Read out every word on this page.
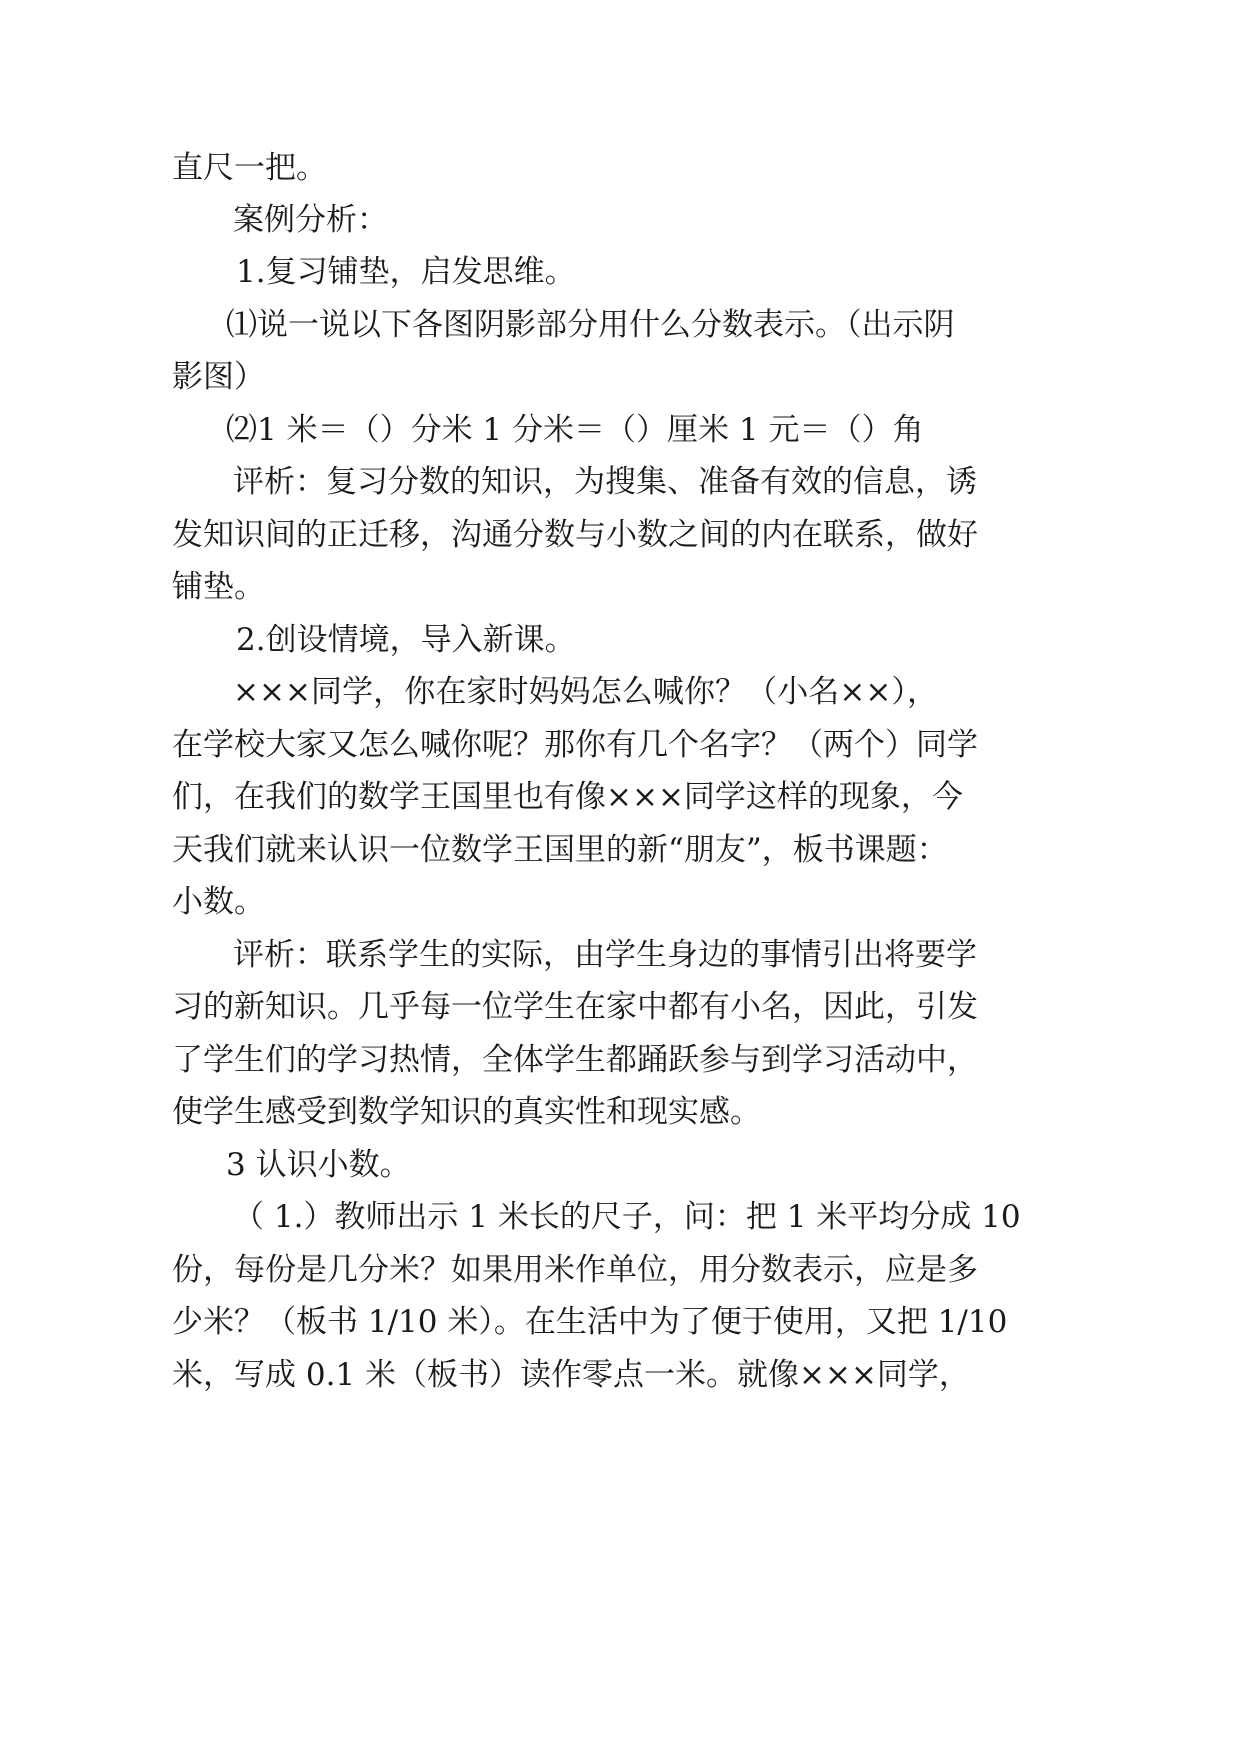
直尺一把。
案例分析：
1.复习铺垫，启发思维。
⑴说一说以下各图阴影部分用什么分数表示。（出示阴
影图）
⑵1 米＝（）分米 1 分米＝（）厘米 1 元＝（）角
评析：复习分数的知识，为搜集、准备有效的信息，诱
发知识间的正迁移，沟通分数与小数之间的内在联系，做好
铺垫。
2.创设情境，导入新课。
×××同学，你在家时妈妈怎么喊你？（小名××），
在学校大家又怎么喊你呢？那你有几个名字？（两个）同学
们，在我们的数学王国里也有像×××同学这样的现象，今
天我们就来认识一位数学王国里的新“朋友”，板书课题：
小数。
评析：联系学生的实际，由学生身边的事情引出将要学
习的新知识。几乎每一位学生在家中都有小名，因此，引发
了学生们的学习热情，全体学生都踊跃参与到学习活动中，
使学生感受到数学知识的真实性和现实感。
3 认识小数。
（ 1.）教师出示 1 米长的尺子，问：把 1 米平均分成 10
份，每份是几分米？如果用米作单位，用分数表示，应是多
少米？（板书 1/10 米）。在生活中为了便于使用，又把 1/10
米，写成 0.1 米（板书）读作零点一米。就像×××同学，
